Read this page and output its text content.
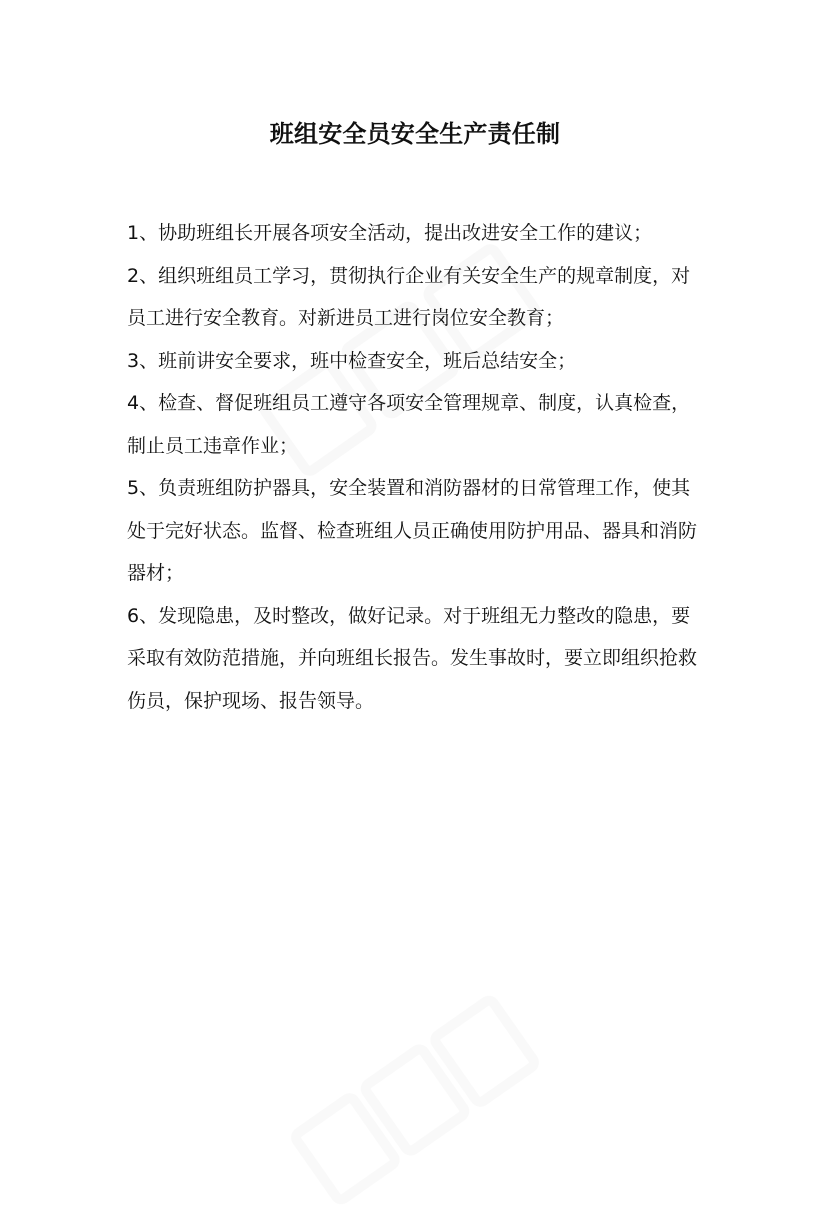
班组安全员安全生产责任制

1、协助班组长开展各项安全活动，提出改进安全工作的建议；

2、组织班组员工学习，贯彻执行企业有关安全生产的规章制度，对
员工进行安全教育。对新进员工进行岗位安全教育；

3、班前讲安全要求，班中检查安全，班后总结安全；

4、检查、督促班组员工遵守各项安全管理规章、制度，认真检查，
制止员工违章作业；

5、负责班组防护器具，安全装置和消防器材的日常管理工作，使其
处于完好状态。监督、检查班组人员正确使用防护用品、器具和消防
器材；

6、发现隐患，及时整改，做好记录。对于班组无力整改的隐患，要
采取有效防范措施，并向班组长报告。发生事故时，要立即组织抢救
伤员，保护现场、报告领导。
